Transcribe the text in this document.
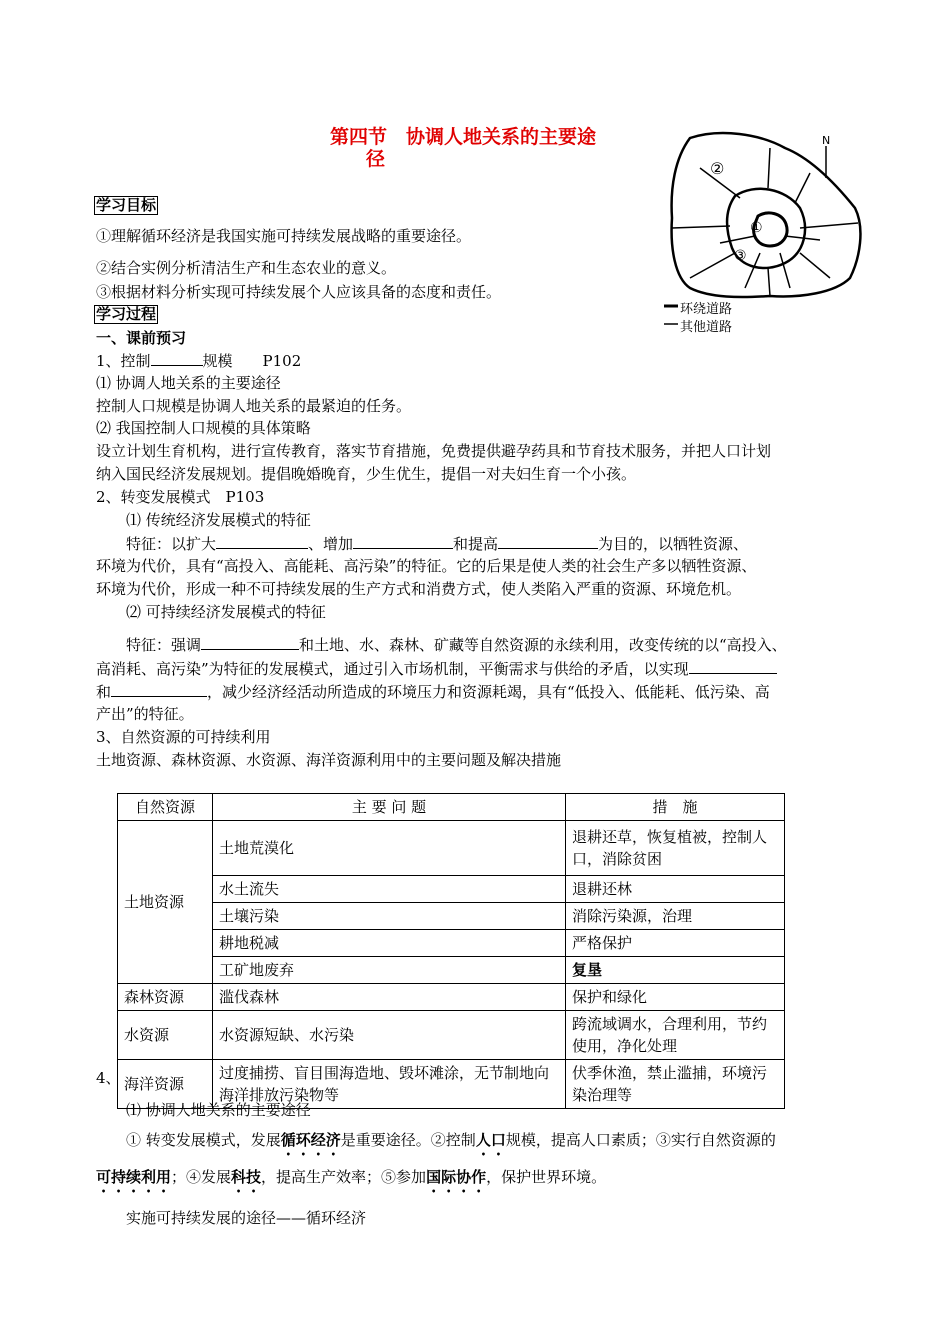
第四节　协调人地关系的主要途
径
①
②
③
N
环绕道路
其他道路
学习目标
①理解循环经济是我国实施可持续发展战略的重要途径。
②结合实例分析清洁生产和生态农业的意义。
③根据材料分析实现可持续发展个人应该具备的态度和责任。
学习过程
一、课前预习
1、控制	规模　　P102
⑴ 协调人地关系的主要途径
控制人口规模是协调人地关系的最紧迫的任务。
⑵ 我国控制人口规模的具体策略
设立计划生育机构，进行宣传教育，落实节育措施，免费提供避孕药具和节育技术服务，并把人口计划
纳入国民经济发展规划。提倡晚婚晚育，少生优生，提倡一对夫妇生育一个小孩。
2、转变发展模式　P103
⑴ 传统经济发展模式的特征
特征：以扩大	、增加	和提高	为目的，以牺牲资源、
环境为代价，具有“高投入、高能耗、高污染”的特征。它的后果是使人类的社会生产多以牺牲资源、
环境为代价，形成一种不可持续发展的生产方式和消费方式，使人类陷入严重的资源、环境危机。
⑵ 可持续经济发展模式的特征
特征：强调	和土地、水、森林、矿藏等自然资源的永续利用，改变传统的以“高投入、
高消耗、高污染”为特征的发展模式，通过引入市场机制，平衡需求与供给的矛盾，以实现
和	，减少经济经活动所造成的环境压力和资源耗竭，具有“低投入、低能耗、低污染、高
产出”的特征。
3、自然资源的可持续利用
土地资源、森林资源、水资源、海洋资源利用中的主要问题及解决措施
自然资源	主 要 问 题	措　施
土地资源	土地荒漠化	退耕还草，恢复植被，控制人口，消除贫困
	水土流失	退耕还林
	土壤污染	消除污染源，治理
	耕地税减	严格保护
	工矿地废弃	复垦
森林资源	滥伐森林	保护和绿化
水资源	水资源短缺、水污染	跨流域调水，合理利用，节约使用，净化处理
海洋资源	过度捕捞、盲目围海造地、毁坏滩涂，无节制地向海洋排放污染物等	伏季休渔，禁止滥捕，环境污染治理等
4、
⑴ 协调人地关系的主要途径
① 转变发展模式，发展循环经济是重要途径。②控制人口规模，提高人口素质；③实行自然资源的
可持续利用；④发展科技，提高生产效率；⑤参加国际协作，保护世界环境。
实施可持续发展的途径——循环经济
